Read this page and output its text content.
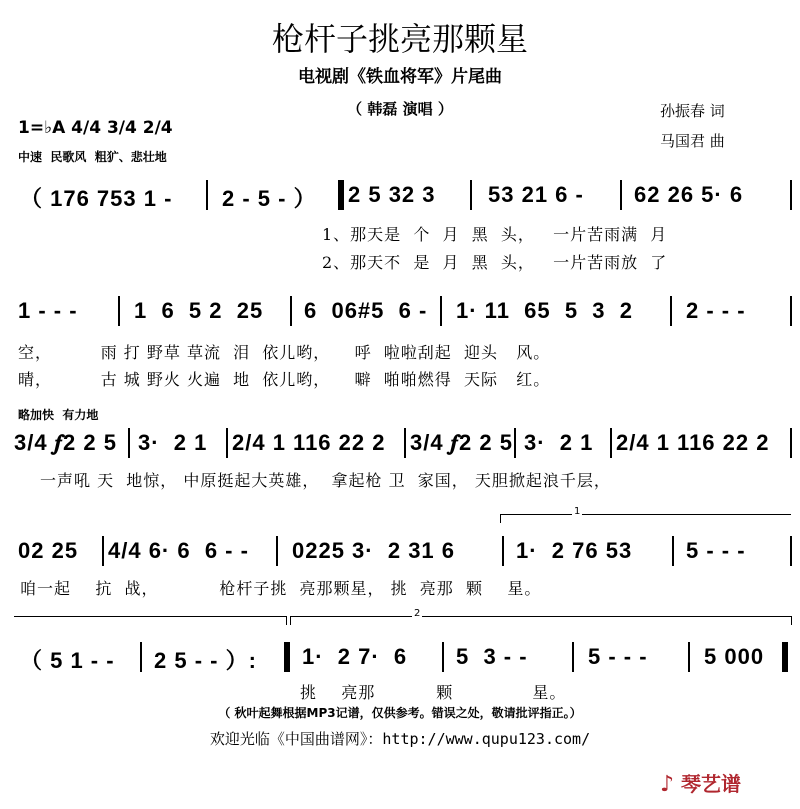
枪杆子挑亮那颗星
电视剧《铁血将军》片尾曲
（ 韩磊 演唱 ）	孙振春 词
马国君 曲
1=♭A 4/4 3/4 2/4
中速  民歌风  粗犷、悲壮地
（ 176 753 1 - 2 - 5 - ） 2 5 32 3 53 21 6 - 62 26 5· 6
1、那天是  个  月  黑  头，   一片苦雨满  月
2、那天不  是  月  黑  头，   一片苦雨放  了
1 - - -	1  6  5 2  25 6  06#5  6 - 1· 11  65  5  3  2 2 - - -
空，        雨 打 野草 草流  泪  依儿哟，    呼  啦啦刮起  迎头   风。
晴，        古 城 野火 火遍  地  依儿哟，    噼  啪啪燃得  天际   红。
略加快  有力地
3/4 𝆑2 2 5 3·  2 1 2/4 1 116 22 2 3/4 𝆑2 2 5 3·  2 1 2/4 1 116 22 2
一声吼 天  地惊， 中原挺起大英雄，  拿起枪 卫  家国， 天胆掀起浪千层，
1
02 25 4/4 6· 6  6 - - 0225 3·  2 31 6	1·  2 76 53 5 - - -
咱一起    抗  战，          枪杆子挑  亮那颗星， 挑  亮那  颗    星。
2
（ 5 1 - - 2 5 - - ）: 1·  2 7·  6 5  3 - -	5 - - -	5 000
挑    亮那          颗             星。
（ 秋叶起舞根据MP3记谱，仅供参考。错误之处，敬请批评指正。）
欢迎光临《中国曲谱网》：http://www.qupu123.com/
♪ 琴艺谱
